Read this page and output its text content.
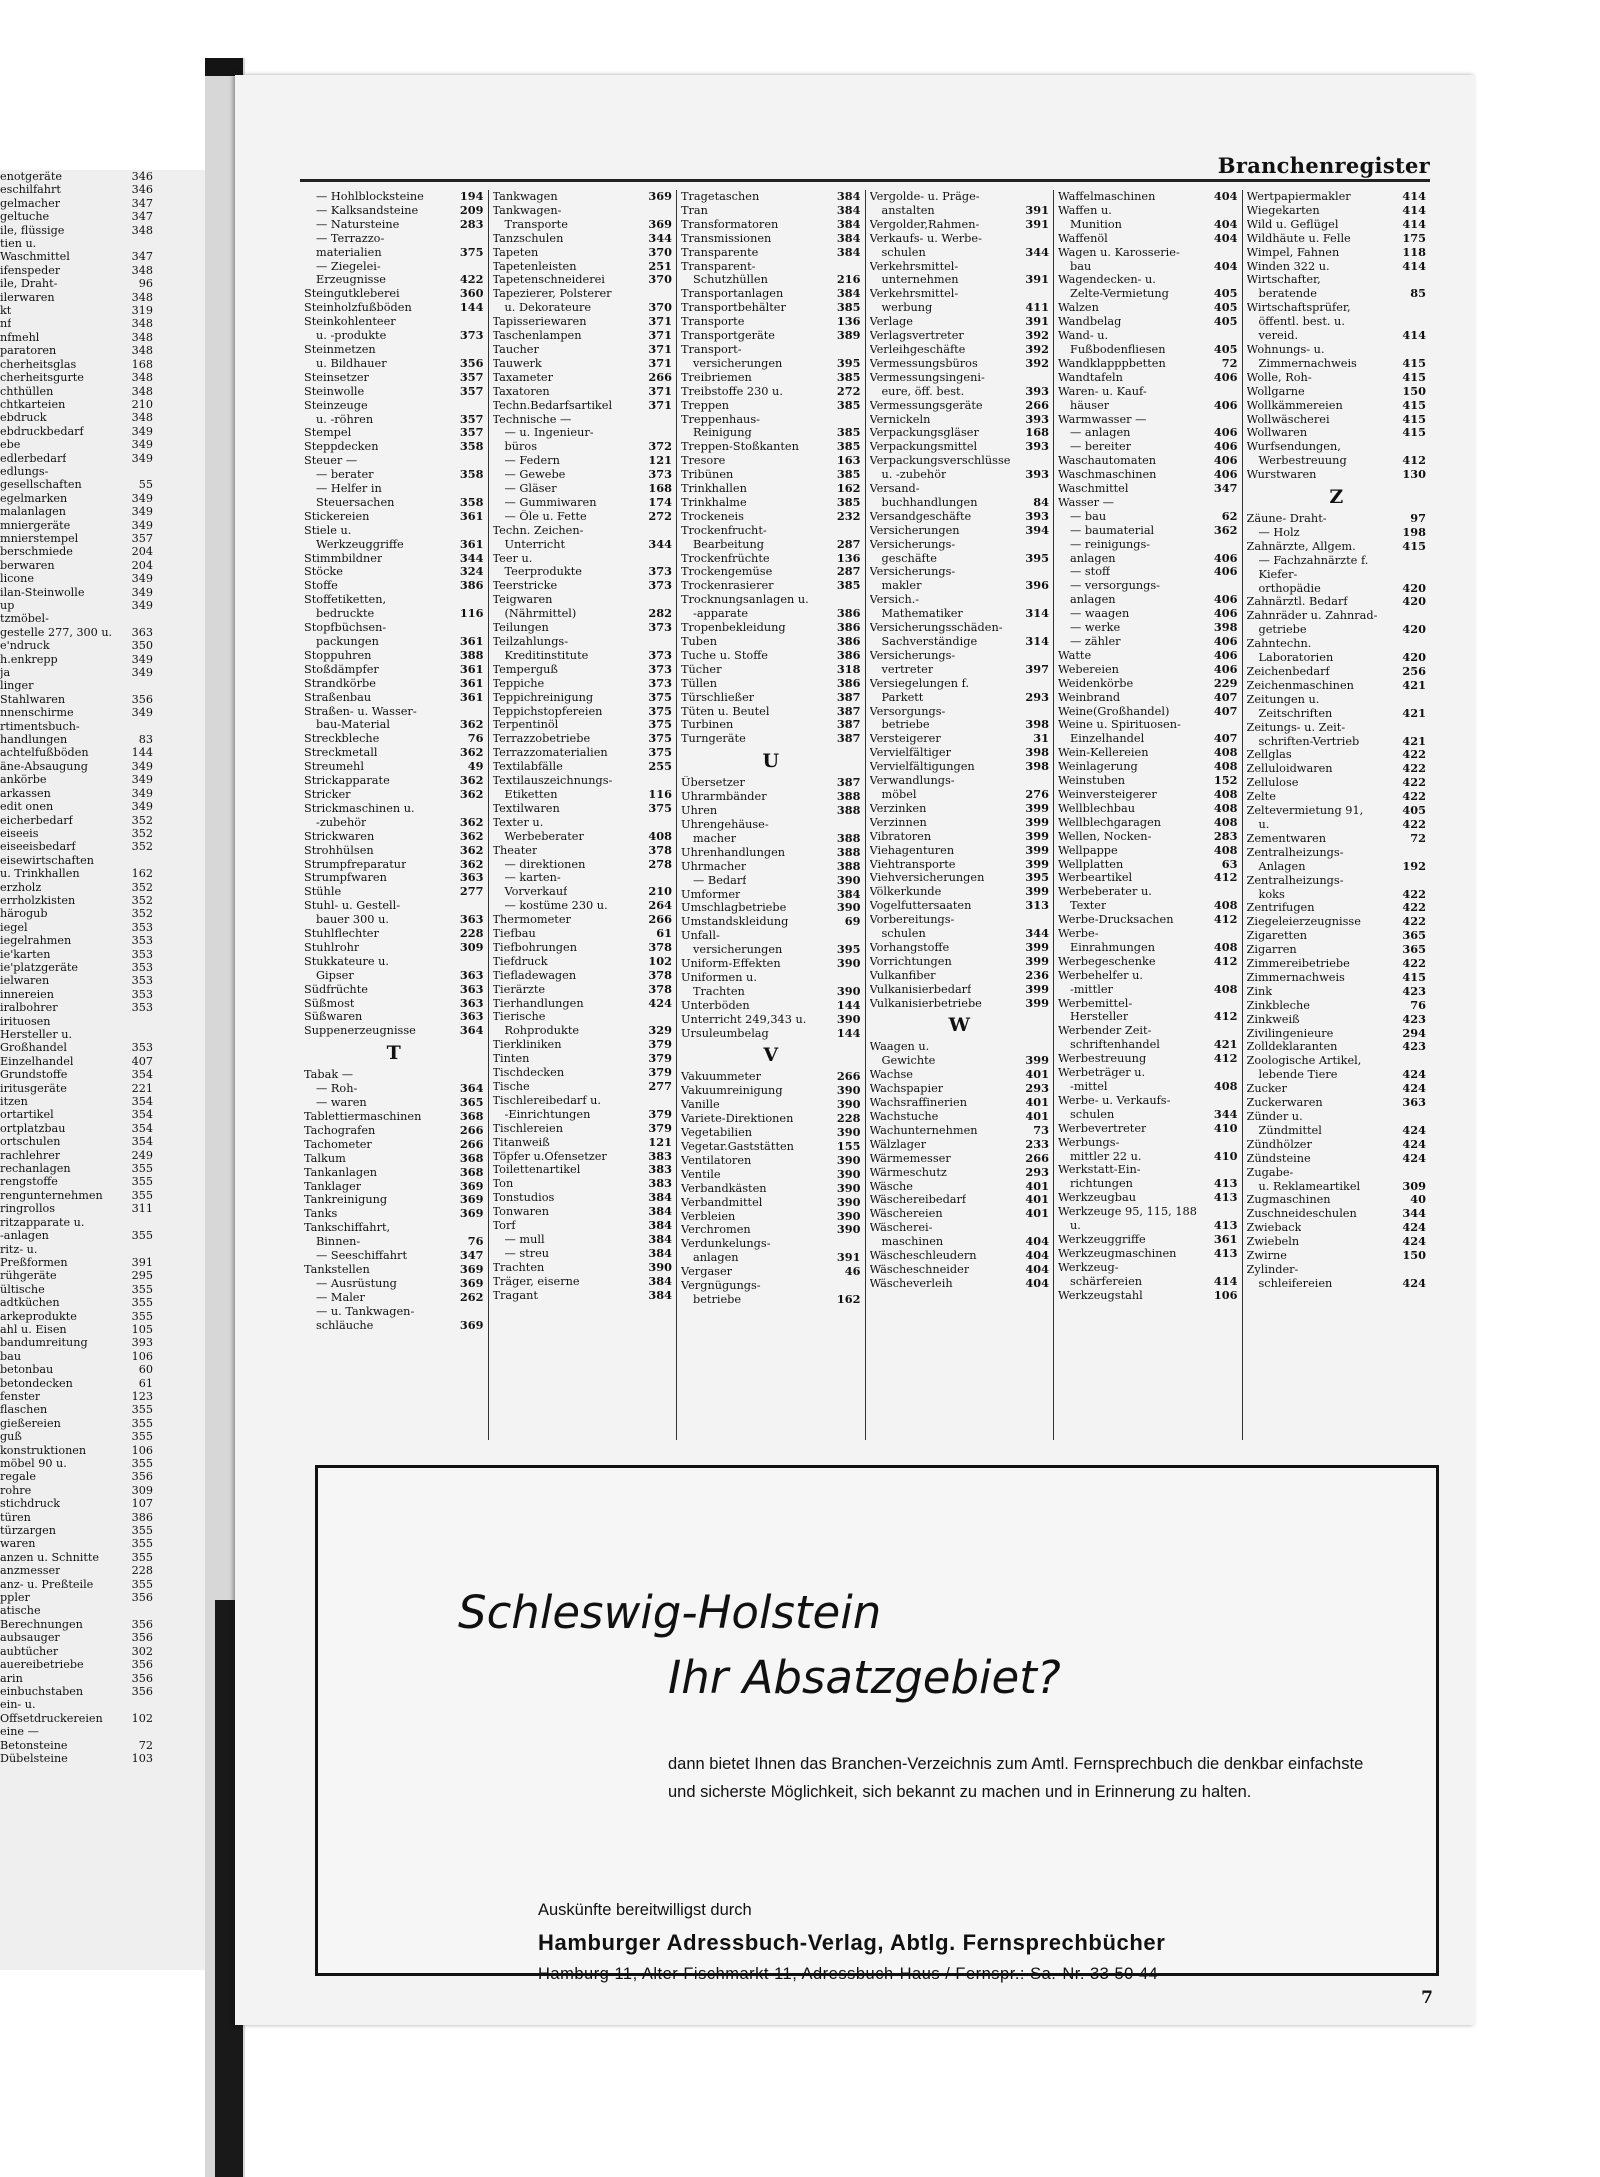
enotgeräte	346
eschilfahrt	346
gelmacher	347
geltuche	347
ile, flüssige	348
tien u.
Waschmittel	347
ifenspeder	348
ile, Draht-	96
ilerwaren	348
kt	319
nf	348
nfmehl	348
paratoren	348
cherheitsglas	168
cherheitsgurte	348
chthüllen	348
chtkarteien	210
ebdruck	348
ebdruckbedarf	349
ebe	349
edlerbedarf	349
edlungs-
gesellschaften	55
egelmarken	349
malanlagen	349
mniergeräte	349
mnierstempel	357
berschmiede	204
berwaren	204
licone	349
ilan-Steinwolle	349
up	349
tzmöbel-
gestelle 277, 300 u. 363
e'ndruck	350
h.enkrepp	349
ja	349
linger
Stahlwaren	356
nnenschirme	349
rtimentsbuch-
handlungen	83
achtelfußböden	144
äne-Absaugung	349
ankörbe	349
arkassen	349
edit onen	349
eicherbedarf	352
eiseeis	352
eiseeisbedarf	352
eisewirtschaften
u. Trinkhallen	162
erzholz	352
errholzkisten	352
härogub	352
iegel	353
iegelrahmen	353
ie'karten	353
ie'platzgeräte	353
ielwaren	353
innereien	353
iralbohrer	353
irituosen
Hersteller u.
Großhandel	353
Einzelhandel	407
Grundstoffe	354
iritusgeräte	221
itzen	354
ortartikel	354
ortplatzbau	354
ortschulen	354
rachlehrer	249
rechanlagen	355
rengstoffe	355
rengunternehmen	355
ringrollos	311
ritzapparate u.
-anlagen	355
ritz- u.
Preßformen	391
rühgeräte	295
ültische	355
adtküchen	355
arkeprodukte	355
ahl u. Eisen	105
bandumreitung	393
bau	106
betonbau	60
betondecken	61
fenster	123
flaschen	355
gießereien	355
guß	355
konstruktionen	106
möbel 90 u.	355
regale	356
rohre	309
stichdruck	107
türen	386
türzargen	355
waren	355
anzen u. Schnitte	355
anzmesser	228
anz- u. Preßteile	355
ppler	356
atische
Berechnungen	356
aubsauger	356
aubtücher	302
auereibetriebe	356
arin	356
einbuchstaben	356
ein- u.
Offsetdruckereien	102
eine —
Betonsteine	72
Dübelsteine	103
Branchenregister
— Hohlblocksteine	194
— Kalksandsteine	209
— Natursteine	283
— Terrazzo-
materialien	375
— Ziegelei-
Erzeugnisse	422
Steingutkleberei	360
Steinholzfußböden	144
Steinkohlenteer
u. -produkte	373
Steinmetzen
u. Bildhauer	356
Steinsetzer	357
Steinwolle	357
Steinzeuge
u. -röhren	357
Stempel	357
Steppdecken	358
Steuer —
— berater	358
— Helfer in
Steuersachen	358
Stickereien	361
Stiele u.
Werkzeuggriffe	361
Stimmbildner	344
Stöcke	324
Stoffe	386
Stoffetiketten,
bedruckte	116
Stopfbüchsen-
packungen	361
Stoppuhren	388
Stoßdämpfer	361
Strandkörbe	361
Straßenbau	361
Straßen- u. Wasser-
bau-Material	362
Streckbleche	76
Streckmetall	362
Streumehl	49
Strickapparate	362
Stricker	362
Strickmaschinen u.
-zubehör	362
Strickwaren	362
Strohhülsen	362
Strumpfreparatur	362
Strumpfwaren	363
Stühle	277
Stuhl- u. Gestell-
bauer 300 u.	363
Stuhlflechter	228
Stuhlrohr	309
Stukkateure u.
Gipser	363
Südfrüchte	363
Süßmost	363
Süßwaren	363
Suppenerzeugnisse	364
T
Tabak —
— Roh-	364
— waren	365
Tablettiermaschinen	368
Tachografen	266
Tachometer	266
Talkum	368
Tankanlagen	368
Tanklager	369
Tankreinigung	369
Tanks	369
Tankschiffahrt,
Binnen-	76
— Seeschiffahrt	347
Tankstellen	369
— Ausrüstung	369
— Maler	262
— u. Tankwagen-
schläuche	369
Tankwagen	369
Tankwagen-
Transporte	369
Tanzschulen	344
Tapeten	370
Tapetenleisten	251
Tapetenschneiderei	370
Tapezierer, Polsterer
u. Dekorateure	370
Tapisseriewaren	371
Taschenlampen	371
Taucher	371
Tauwerk	371
Taxameter	266
Taxatoren	371
Techn.Bedarfsartikel	371
Technische —
— u. Ingenieur-
büros	372
— Federn	121
— Gewebe	373
— Gläser	168
— Gummiwaren	174
— Öle u. Fette	272
Techn. Zeichen-
Unterricht	344
Teer u.
Teerprodukte	373
Teerstricke	373
Teigwaren
(Nährmittel)	282
Teilungen	373
Teilzahlungs-
Kreditinstitute	373
Temperguß	373
Teppiche	373
Teppichreinigung	375
Teppichstopfereien	375
Terpentinöl	375
Terrazzobetriebe	375
Terrazzomaterialien	375
Textilabfälle	255
Textilauszeichnungs-
Etiketten	116
Textilwaren	375
Texter u.
Werbeberater	408
Theater	378
— direktionen	278
— karten-
Vorverkauf	210
— kostüme 230 u.	264
Thermometer	266
Tiefbau	61
Tiefbohrungen	378
Tiefdruck	102
Tiefladewagen	378
Tierärzte	378
Tierhandlungen	424
Tierische
Rohprodukte	329
Tierkliniken	379
Tinten	379
Tischdecken	379
Tische	277
Tischlereibedarf u.
-Einrichtungen	379
Tischlereien	379
Titanweiß	121
Töpfer u.Ofensetzer	383
Toilettenartikel	383
Ton	383
Tonstudios	384
Tonwaren	384
Torf	384
— mull	384
— streu	384
Trachten	390
Träger, eiserne	384
Tragant	384
Tragetaschen	384
Tran	384
Transformatoren	384
Transmissionen	384
Transparente	384
Transparent-
Schutzhüllen	216
Transportanlagen	384
Transportbehälter	385
Transporte	136
Transportgeräte	389
Transport-
versicherungen	395
Treibriemen	385
Treibstoffe 230 u.	272
Treppen	385
Treppenhaus-
Reinigung	385
Treppen-Stoßkanten	385
Tresore	163
Tribünen	385
Trinkhallen	162
Trinkhalme	385
Trockeneis	232
Trockenfrucht-
Bearbeitung	287
Trockenfrüchte	136
Trockengemüse	287
Trockenrasierer	385
Trocknungsanlagen u.
-apparate	386
Tropenbekleidung	386
Tuben	386
Tuche u. Stoffe	386
Tücher	318
Tüllen	386
Türschließer	387
Tüten u. Beutel	387
Turbinen	387
Turngeräte	387
U
Übersetzer	387
Uhrarmbänder	388
Uhren	388
Uhrengehäuse-
macher	388
Uhrenhandlungen	388
Uhrmacher	388
— Bedarf	390
Umformer	384
Umschlagbetriebe	390
Umstandskleidung	69
Unfall-
versicherungen	395
Uniform-Effekten	390
Uniformen u.
Trachten	390
Unterböden	144
Unterricht 249,343 u.	390
Ursuleumbelag	144
V
Vakuummeter	266
Vakuumreinigung	390
Vanille	390
Variete-Direktionen	228
Vegetabilien	390
Vegetar.Gaststätten	155
Ventilatoren	390
Ventile	390
Verbandkästen	390
Verbandmittel	390
Verbleien	390
Verchromen	390
Verdunkelungs-
anlagen	391
Vergaser	46
Vergnügungs-
betriebe	162
Vergolde- u. Präge-
anstalten	391
Vergolder,Rahmen-	391
Verkaufs- u. Werbe-
schulen	344
Verkehrsmittel-
unternehmen	391
Verkehrsmittel-
werbung	411
Verlage	391
Verlagsvertreter	392
Verleihgeschäfte	392
Vermessungsbüros	392
Vermessungsingeni-
eure, öff. best.	393
Vermessungsgeräte	266
Vernickeln	393
Verpackungsgläser	168
Verpackungsmittel	393
Verpackungsverschlüsse
u. -zubehör	393
Versand-
buchhandlungen	84
Versandgeschäfte	393
Versicherungen	394
Versicherungs-
geschäfte	395
Versicherungs-
makler	396
Versich.-
Mathematiker	314
Versicherungsschäden-
Sachverständige	314
Versicherungs-
vertreter	397
Versiegelungen f.
Parkett	293
Versorgungs-
betriebe	398
Versteigerer	31
Vervielfältiger	398
Vervielfältigungen	398
Verwandlungs-
möbel	276
Verzinken	399
Verzinnen	399
Vibratoren	399
Viehagenturen	399
Viehtransporte	399
Viehversicherungen	395
Völkerkunde	399
Vogelfuttersaaten	313
Vorbereitungs-
schulen	344
Vorhangstoffe	399
Vorrichtungen	399
Vulkanfiber	236
Vulkanisierbedarf	399
Vulkanisierbetriebe	399
W
Waagen u.
Gewichte	399
Wachse	401
Wachspapier	293
Wachsraffinerien	401
Wachstuche	401
Wachunternehmen	73
Wälzlager	233
Wärmemesser	266
Wärmeschutz	293
Wäsche	401
Wäschereibedarf	401
Wäschereien	401
Wäscherei-
maschinen	404
Wäscheschleudern	404
Wäscheschneider	404
Wäscheverleih	404
Waffelmaschinen	404
Waffen u.
Munition	404
Waffenöl	404
Wagen u. Karosserie-
bau	404
Wagendecken- u.
Zelte-Vermietung	405
Walzen	405
Wandbelag	405
Wand- u.
Fußbodenfliesen	405
Wandklapppbetten	72
Wandtafeln	406
Waren- u. Kauf-
häuser	406
Warmwasser —
— anlagen	406
— bereiter	406
Waschautomaten	406
Waschmaschinen	406
Waschmittel	347
Wasser —
— bau	62
— baumaterial	362
— reinigungs-
anlagen	406
— stoff	406
— versorgungs-
anlagen	406
— waagen	406
— werke	398
— zähler	406
Watte	406
Webereien	406
Weidenkörbe	229
Weinbrand	407
Weine(Großhandel)	407
Weine u. Spirituosen-
Einzelhandel	407
Wein-Kellereien	408
Weinlagerung	408
Weinstuben	152
Weinversteigerer	408
Wellblechbau	408
Wellblechgaragen	408
Wellen, Nocken-	283
Wellpappe	408
Wellplatten	63
Werbeartikel	412
Werbeberater u.
Texter	408
Werbe-Drucksachen	412
Werbe-
Einrahmungen	408
Werbegeschenke	412
Werbehelfer u.
-mittler	408
Werbemittel-
Hersteller	412
Werbender Zeit-
schriftenhandel	421
Werbestreuung	412
Werbeträger u.
-mittel	408
Werbe- u. Verkaufs-
schulen	344
Werbevertreter	410
Werbungs-
mittler 22 u.	410
Werkstatt-Ein-
richtungen	413
Werkzeugbau	413
Werkzeuge 95, 115, 188
u.	413
Werkzeuggriffe	361
Werkzeugmaschinen	413
Werkzeug-
schärfereien	414
Werkzeugstahl	106
Wertpapiermakler	414
Wiegekarten	414
Wild u. Geflügel	414
Wildhäute u. Felle	175
Wimpel, Fahnen	118
Winden 322 u.	414
Wirtschafter,
beratende	85
Wirtschaftsprüfer,
öffentl. best. u.
vereid.	414
Wohnungs- u.
Zimmernachweis	415
Wolle, Roh-	415
Wollgarne	150
Wollkämmereien	415
Wollwäscherei	415
Wollwaren	415
Wurfsendungen,
Werbestreuung	412
Wurstwaren	130
Z
Zäune- Draht-	97
— Holz	198
Zahnärzte, Allgem.	415
— Fachzahnärzte f.
Kiefer-
orthopädie	420
Zahnärztl. Bedarf	420
Zahnräder u. Zahnrad-
getriebe	420
Zahntechn.
Laboratorien	420
Zeichenbedarf	256
Zeichenmaschinen	421
Zeitungen u.
Zeitschriften	421
Zeitungs- u. Zeit-
schriften-Vertrieb	421
Zellglas	422
Zelluloidwaren	422
Zellulose	422
Zelte	422
Zeltevermietung 91,	405
u.	422
Zementwaren	72
Zentralheizungs-
Anlagen	192
Zentralheizungs-
koks	422
Zentrifugen	422
Ziegeleierzeugnisse	422
Zigaretten	365
Zigarren	365
Zimmereibetriebe	422
Zimmernachweis	415
Zink	423
Zinkbleche	76
Zinkweiß	423
Zivilingenieure	294
Zolldeklaranten	423
Zoologische Artikel,
lebende Tiere	424
Zucker	424
Zuckerwaren	363
Zünder u.
Zündmittel	424
Zündhölzer	424
Zündsteine	424
Zugabe-
u. Reklameartikel	309
Zugmaschinen	40
Zuschneideschulen	344
Zwieback	424
Zwiebeln	424
Zwirne	150
Zylinder-
schleifereien	424
Schleswig-Holstein
Ihr Absatzgebiet?
dann bietet Ihnen das Branchen-Verzeichnis zum Amtl. Fernsprechbuch die denkbar einfachste und sicherste Möglichkeit, sich bekannt zu machen und in Erinnerung zu halten.
Auskünfte bereitwilligst durch
Hamburger Adressbuch-Verlag, Abtlg. Fernsprechbücher
Hamburg 11, Alter Fischmarkt 11, Adressbuch-Haus / Fernspr.: Sa.-Nr. 33 50 44
7
